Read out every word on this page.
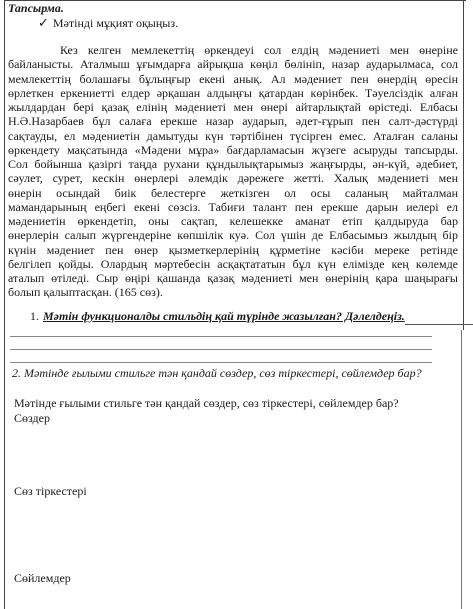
Тапсырма.
✓ Мәтінді мұқият оқыңыз.
Кез келген мемлекеттің өркендеуі сол елдің мәдениеті мен өнеріне
байланысты. Аталмыш ұғымдарға айрықша көңіл бөлініп, назар аударылмаса, сол
мемлекеттің болашағы бұлыңғыр екені анық. Ал мәдениет пен өнердің өресін
өрлеткен еркениетті елдер әрқашан алдыңғы қатардан көрінбек. Тәуелсіздік алған
жылдардан бері қазақ елінің мәдениеті мен өнері айтарлықтай өрістеді. Елбасы
Н.Ә.Назарбаев бұл салаға ерекше назар аударып, әдет-ғұрып пен салт-дәстүрді
сақтауды, ел мәдениетін дамытуды күн тәртібінен түсірген емес. Аталған саланы
өркендету мақсатында «Мәдени мұра» бағдарламасын жүзеге асыруды тапсырды.
Сол бойынша қазіргі таңда рухани құндылықтарымыз жаңғырды, ән-күй, әдебиет,
сәулет, сурет, кескін өнерлері әлемдік дәрежеге жетті. Халық мәдениеті мен
өнерін осындай биік белестерге жеткізген ол осы саланың майталман
мамандарының еңбегі екені сөзсіз. Табиғи талант пен ерекше дарын иелері ел
мәдениетін өркендетіп, оны сақтап, келешекке аманат етіп қалдыруда бар
өнерлерін салып жүргендеріне көпшілік куә. Сол үшін де Елбасымыз жылдың бір
күнін мәдениет пен өнер қызметкерлерінің құрметіне кәсіби мереке ретінде
белгілеп қойды. Олардың мәртебесін асқақтататын бұл күн елімізде кең көлемде
аталып өтіледі. Сыр өңірі қашанда қазақ мәдениеті мен өнерінің қара шаңырағы
болып қалыптасқан. (165 сөз).
1. Мәтін функционалды стильдің қай түрінде жазылған? Дәлелдеңіз.
2. Мәтінде ғылыми стильге тән қандай сөздер, сөз тіркестері, сөйлемдер бар?
Мәтінде ғылыми стильге тән қандай сөздер, сөз тіркестері, сөйлемдер бар?
Сөздер
Сөз тіркестері
Сөйлемдер
